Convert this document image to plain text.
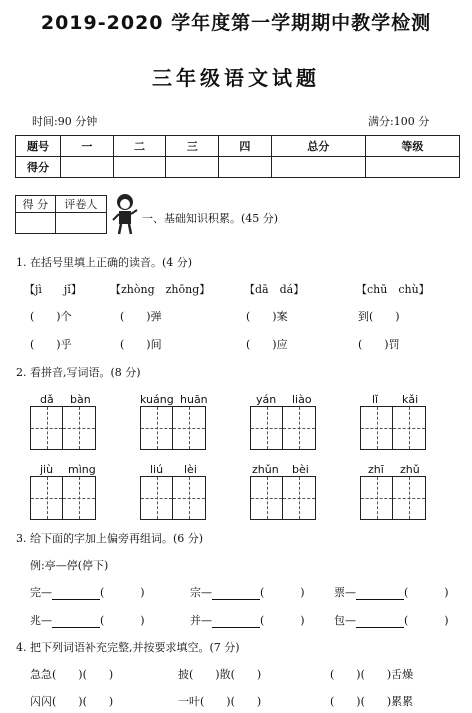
2019-2020 学年度第一学期期中教学检测
三年级语文试题
时间:90 分钟	满分:100 分
题号	一	二	三	四	总分	等级
得分						
得 分	评卷人

一、基础知识积累。(45 分)
1. 在括号里填上正确的读音。(4 分)
【jì　　jǐ】	【zhòng　zhōng】	【dā　dá】	【chū　chù】
(　　)个	(　　)弹	(　　)案	到(　　)
(　　)乎	(　　)间	(　　)应	(　　)罚
2. 看拼音,写词语。(8 分)
dǎ bàn	kuáng huān	yán liào	lǐ kǎi
jiù mìng	liú lèi	zhǔn bèi	zhī zhǔ
3. 给下面的字加上偏旁再组词。(6 分)
例:亭—停(停下)
完—	(	)	宗—	(	)	票—	(	)
兆—	(	)	并—	(	)	包—	(	)
4. 把下列词语补充完整,并按要求填空。(7 分)
急急(　　)(　　)	披(　　)散(　　)	(　　)(　　)舌燥
闪闪(　　)(　　)	一叶(　　)(　　)	(　　)(　　)累累
